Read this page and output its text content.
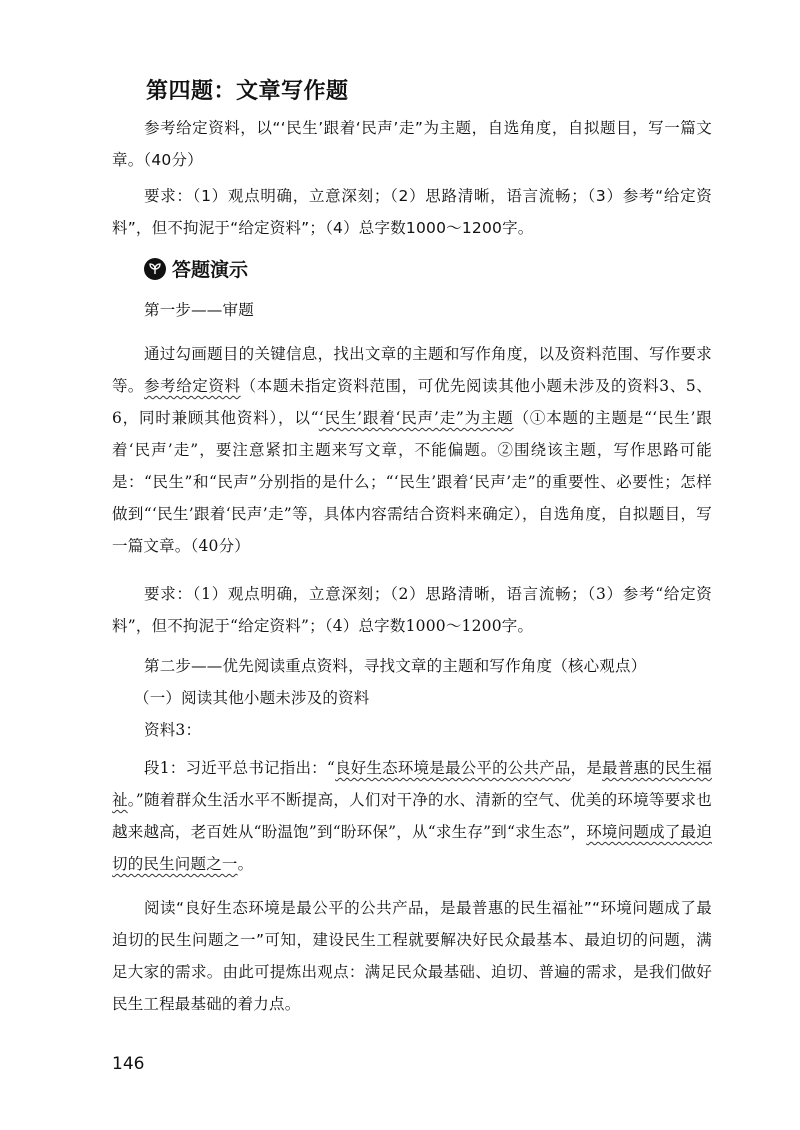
第四题：文章写作题
参考给定资料，以“‘民生’跟着‘民声’走”为主题，自选角度，自拟题目，写一篇文章。（40分）
要求：（1）观点明确，立意深刻；（2）思路清晰，语言流畅；（3）参考“给定资料”，但不拘泥于“给定资料”；（4）总字数1000～1200字。
答题演示
第一步——审题
通过勾画题目的关键信息，找出文章的主题和写作角度，以及资料范围、写作要求等。 参考给定资料（本题未指定资料范围，可优先阅读其他小题未涉及的资料3、5、6，同时兼顾其他资料），以“‘民生’跟着‘民声’走”为主题（①本题的主题是“‘民生’跟着‘民声’走”，要注意紧扣主题来写文章，不能偏题。②围绕该主题，写作思路可能是：“民生”和“民声”分别指的是什么；“‘民生’跟着‘民声’走”的重要性、必要性；怎样做到“‘民生’跟着‘民声’走”等，具体内容需结合资料来确定），自选角度，自拟题目，写一篇文章。（40分）
要求：（1）观点明确，立意深刻；（2）思路清晰，语言流畅；（3）参考“给定资料”，但不拘泥于“给定资料”；（4）总字数1000～1200字。
第二步——优先阅读重点资料，寻找文章的主题和写作角度（核心观点）
（一）阅读其他小题未涉及的资料
资料3：
段1：习近平总书记指出：“良好生态环境是最公平的公共产品，是最普惠的民生福祉。”随着群众生活水平不断提高，人们对干净的水、清新的空气、优美的环境等要求也越来越高，老百姓从“盼温饱”到“盼环保”，从“求生存”到“求生态”，环境问题成了最迫切的民生问题之一。
阅读“良好生态环境是最公平的公共产品，是最普惠的民生福祉”“环境问题成了最迫切的民生问题之一”可知，建设民生工程就要解决好民众最基本、最迫切的问题，满足大家的需求。由此可提炼出观点：满足民众最基础、迫切、普遍的需求，是我们做好民生工程最基础的着力点。
146
